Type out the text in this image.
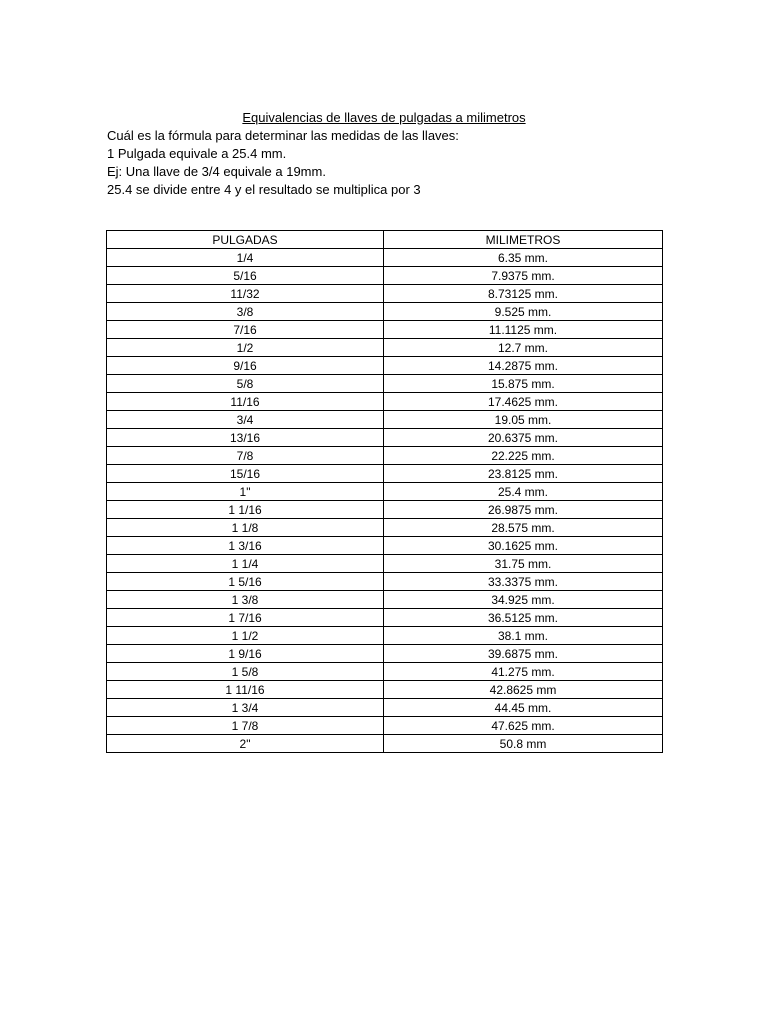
Equivalencias de llaves de pulgadas a milimetros
Cuál es la fórmula para determinar las medidas de las llaves:
1 Pulgada equivale a 25.4 mm.
Ej: Una llave de 3/4 equivale a 19mm.
25.4 se divide entre 4 y el resultado se multiplica por 3
PULGADAS	MILIMETROS
1/4	6.35 mm.
5/16	7.9375 mm.
11/32	8.73125 mm.
3/8	9.525 mm.
7/16	11.1125 mm.
1/2	12.7 mm.
9/16	14.2875 mm.
5/8	15.875 mm.
11/16	17.4625 mm.
3/4	19.05 mm.
13/16	20.6375 mm.
7/8	22.225 mm.
15/16	23.8125 mm.
1"	25.4 mm.
1 1/16	26.9875 mm.
1 1/8	28.575 mm.
1 3/16	30.1625 mm.
1 1/4	31.75 mm.
1 5/16	33.3375 mm.
1 3/8	34.925 mm.
1 7/16	36.5125 mm.
1 1/2	38.1 mm.
1 9/16	39.6875 mm.
1 5/8	41.275 mm.
1 11/16	42.8625 mm
1 3/4	44.45 mm.
1 7/8	47.625 mm.
2"	50.8 mm
